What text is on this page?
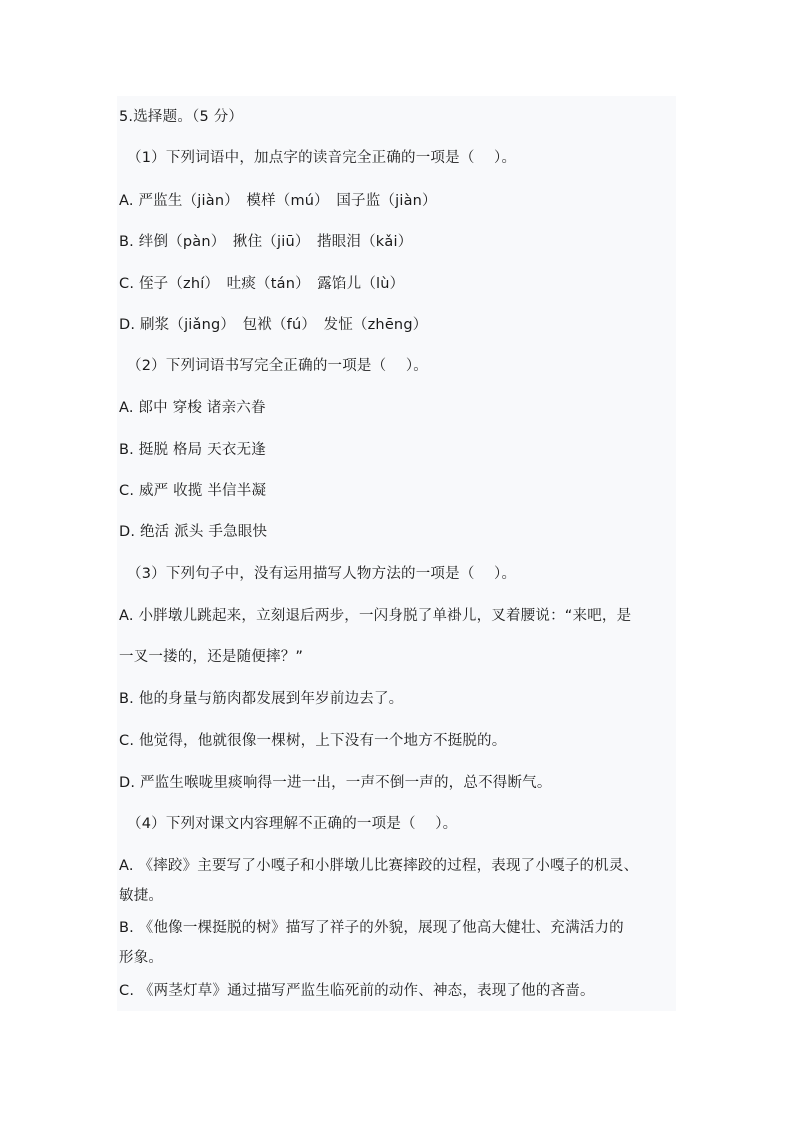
5.选择题。（5 分）
（1）下列词语中，加点字的读音完全正确的一项是（　 ）。
A. 严监生（jiàn）　模样（mú）　国子监（jiàn）
B. 绊倒（pàn）　揪住（jiū）　揩眼泪（kǎi）
C. 侄子（zhí）　吐痰（tán）　露馅儿（lù）
D. 刷浆（jiǎng）　包袱（fú）　发怔（zhēng）
（2）下列词语书写完全正确的一项是（　 ）。
A. 郎中 穿梭 诸亲六眷
B. 挺脱 格局 天衣无逢
C. 威严 收揽 半信半凝
D. 绝活 派头 手急眼快
（3）下列句子中，没有运用描写人物方法的一项是（　 ）。
A. 小胖墩儿跳起来，立刻退后两步，一闪身脱了单褂儿，叉着腰说：“来吧，是
一叉一搂的，还是随便摔？”
B. 他的身量与筋肉都发展到年岁前边去了。
C. 他觉得，他就很像一棵树，上下没有一个地方不挺脱的。
D. 严监生喉咙里痰响得一进一出，一声不倒一声的，总不得断气。
（4）下列对课文内容理解不正确的一项是（　 ）。
A. 《摔跤》主要写了小嘎子和小胖墩儿比赛摔跤的过程，表现了小嘎子的机灵、
敏捷。
B. 《他像一棵挺脱的树》描写了祥子的外貌，展现了他高大健壮、充满活力的
形象。
C. 《两茎灯草》通过描写严监生临死前的动作、神态，表现了他的吝啬。
